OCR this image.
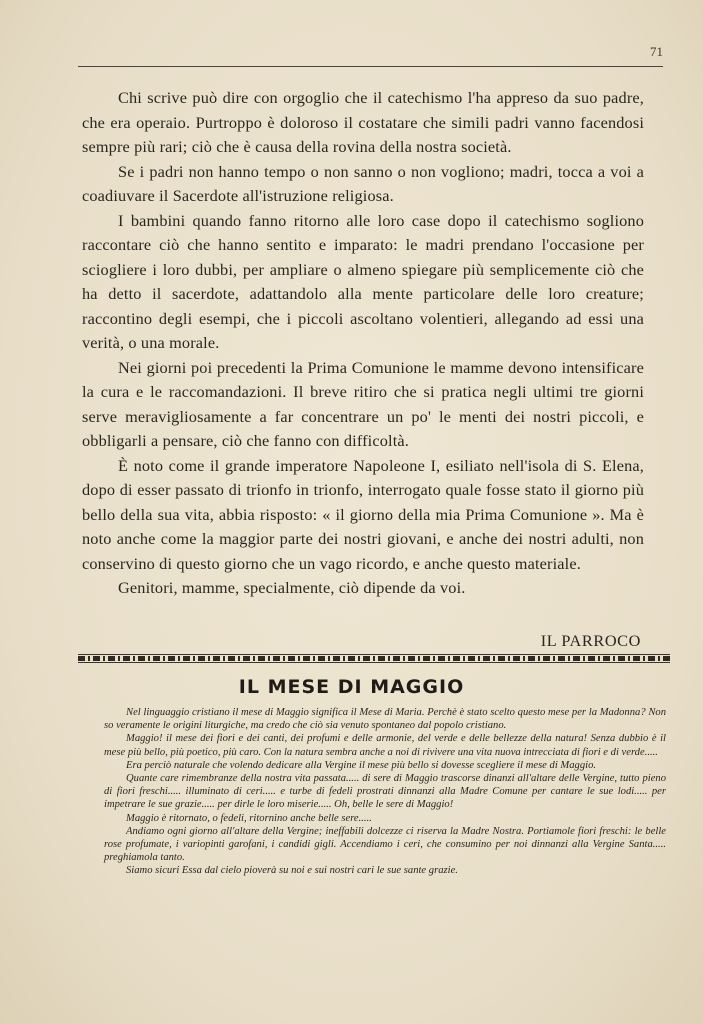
71

Chi scrive può dire con orgoglio che il catechismo l'ha appreso da suo padre, che era operaio. Purtroppo è doloroso il costatare che simili padri vanno facendosi sempre più rari; ciò che è causa della rovina della nostra società.

Se i padri non hanno tempo o non sanno o non vogliono; madri, tocca a voi a coadiuvare il Sacerdote all'istruzione religiosa.

I bambini quando fanno ritorno alle loro case dopo il catechismo sogliono raccontare ciò che hanno sentito e imparato: le madri prendano l'occasione per sciogliere i loro dubbi, per ampliare o almeno spiegare più semplicemente ciò che ha detto il sacerdote, adattandolo alla mente particolare delle loro creature; raccontino degli esempi, che i piccoli ascoltano volentieri, allegando ad essi una verità, o una morale.

Nei giorni poi precedenti la Prima Comunione le mamme devono intensificare la cura e le raccomandazioni. Il breve ritiro che si pratica negli ultimi tre giorni serve meravigliosamente a far concentrare un po' le menti dei nostri piccoli, e obbligarli a pensare, ciò che fanno con difficoltà.

È noto come il grande imperatore Napoleone I, esiliato nell'isola di S. Elena, dopo di esser passato di trionfo in trionfo, interrogato quale fosse stato il giorno più bello della sua vita, abbia risposto: « il giorno della mia Prima Comunione ». Ma è noto anche come la maggior parte dei nostri giovani, e anche dei nostri adulti, non conservino di questo giorno che un vago ricordo, e anche questo materiale.

Genitori, mamme, specialmente, ciò dipende da voi.

IL PARROCO
IL MESE DI MAGGIO

Nel linguaggio cristiano il mese di Maggio significa il Mese di Maria. Perchè è stato scelto questo mese per la Madonna? Non so veramente le origini liturgiche, ma credo che ciò sia venuto spontaneo dal popolo cristiano.

Maggio! il mese dei fiori e dei canti, dei profumi e delle armonie, del verde e delle bellezze della natura! Senza dubbio è il mese più bello, più poetico, più caro. Con la natura sembra anche a noi di rivivere una vita nuova intrecciata di fiori e di verde.....

Era perciò naturale che volendo dedicare alla Vergine il mese più bello si dovesse scegliere il mese di Maggio.

Quante care rimembranze della nostra vita passata..... di sere di Maggio trascorse dinanzi all'altare delle Vergine, tutto pieno di fiori freschi..... illuminato di ceri..... e turbe di fedeli prostrati dinnanzi alla Madre Comune per cantare le sue lodi..... per impetrare le sue grazie..... per dirle le loro miserie..... Oh, belle le sere di Maggio!

Maggio è ritornato, o fedeli, ritornino anche belle sere.....

Andiamo ogni giorno all'altare della Vergine; ineffabili dolcezze ci riserva la Madre Nostra. Portiamole fiori freschi: le belle rose profumate, i variopinti garofani, i candidi gigli. Accendiamo i ceri, che consumino per noi dinnanzi alla Vergine Santa..... preghiamola tanto.

Siamo sicuri Essa dal cielo pioverà su noi e sui nostri cari le sue sante grazie.
